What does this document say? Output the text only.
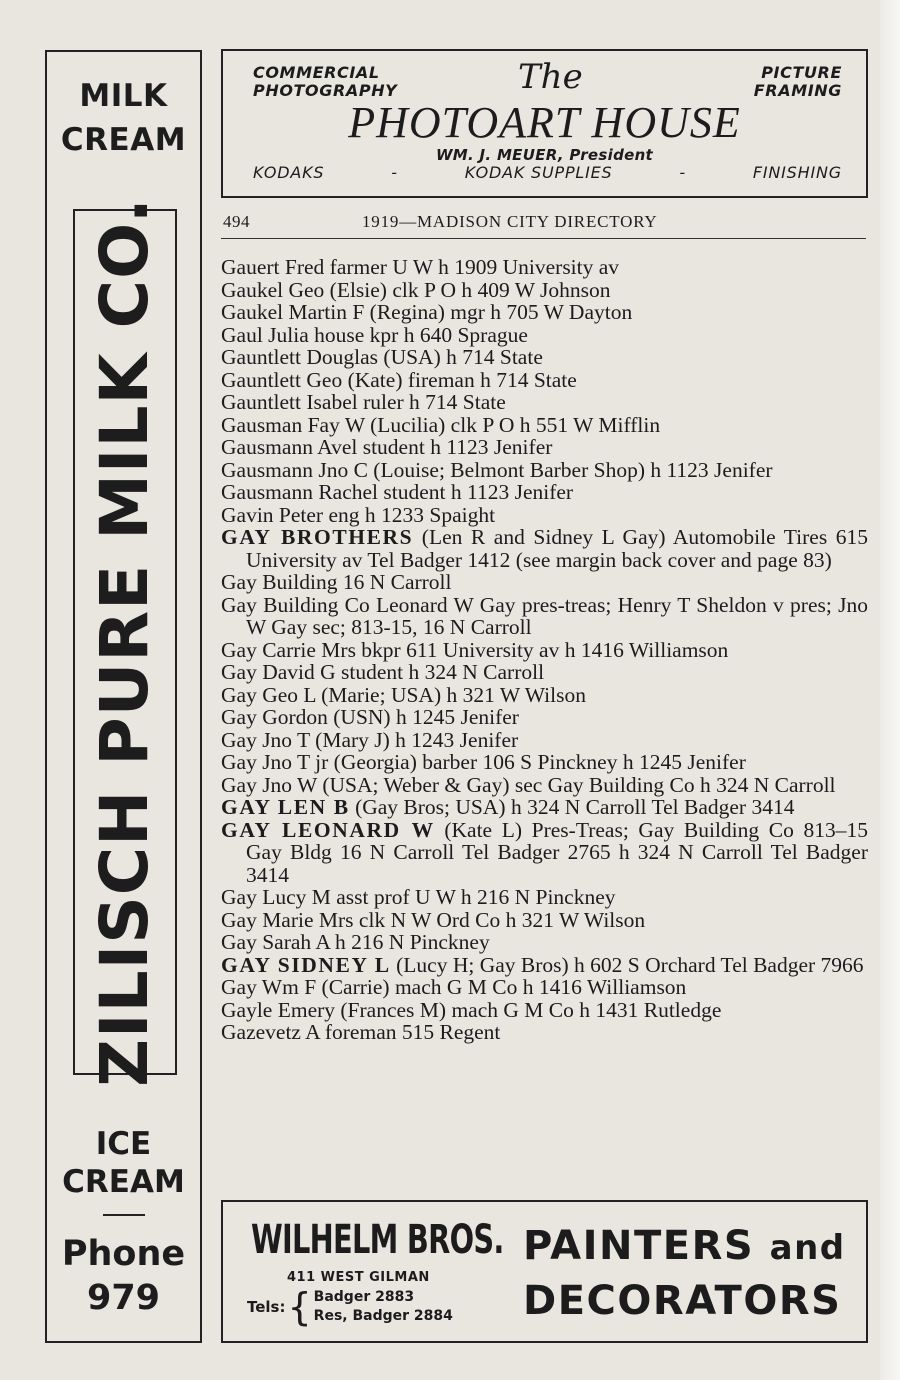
MILK
CREAM
ZILISCH PURE MILK CO.
ICE
CREAM
Phone
979
COMMERCIAL
PHOTOGRAPHY	The	PICTURE
FRAMING
PHOTOART HOUSE
WM. J. MEUER, President
KODAKS	-	KODAK SUPPLIES	-	FINISHING
494	1919—MADISON CITY DIRECTORY
Gauert Fred farmer U W h 1909 University av
Gaukel Geo (Elsie) clk P O h 409 W Johnson
Gaukel Martin F (Regina) mgr h 705 W Dayton
Gaul Julia house kpr h 640 Sprague
Gauntlett Douglas (USA) h 714 State
Gauntlett Geo (Kate) fireman h 714 State
Gauntlett Isabel ruler h 714 State
Gausman Fay W (Lucilia) clk P O h 551 W Mifflin
Gausmann Avel student h 1123 Jenifer
Gausmann Jno C (Louise; Belmont Barber Shop) h 1123 Jenifer
Gausmann Rachel student h 1123 Jenifer
Gavin Peter eng h 1233 Spaight
GAY BROTHERS (Len R and Sidney L Gay) Automobile Tires 615 University av Tel Badger 1412 (see margin back cover and page 83)
Gay Building 16 N Carroll
Gay Building Co Leonard W Gay pres-treas; Henry T Sheldon v pres; Jno W Gay sec; 813-15, 16 N Carroll
Gay Carrie Mrs bkpr 611 University av h 1416 Williamson
Gay David G student h 324 N Carroll
Gay Geo L (Marie; USA) h 321 W Wilson
Gay Gordon (USN) h 1245 Jenifer
Gay Jno T (Mary J) h 1243 Jenifer
Gay Jno T jr (Georgia) barber 106 S Pinckney h 1245 Jenifer
Gay Jno W (USA; Weber & Gay) sec Gay Building Co h 324 N Carroll
GAY LEN B (Gay Bros; USA) h 324 N Carroll Tel Badger 3414
GAY LEONARD W (Kate L) Pres-Treas; Gay Building Co 813–15 Gay Bldg 16 N Carroll Tel Badger 2765 h 324 N Carroll Tel Badger 3414
Gay Lucy M asst prof U W h 216 N Pinckney
Gay Marie Mrs clk N W Ord Co h 321 W Wilson
Gay Sarah A h 216 N Pinckney
GAY SIDNEY L (Lucy H; Gay Bros) h 602 S Orchard Tel Badger 7966
Gay Wm F (Carrie) mach G M Co h 1416 Williamson
Gayle Emery (Frances M) mach G M Co h 1431 Rutledge
Gazevetz A foreman 515 Regent
WILHELM BROS.
411 WEST GILMAN
Tels: { Badger 2883
Res, Badger 2884
PAINTERS and
DECORATORS
